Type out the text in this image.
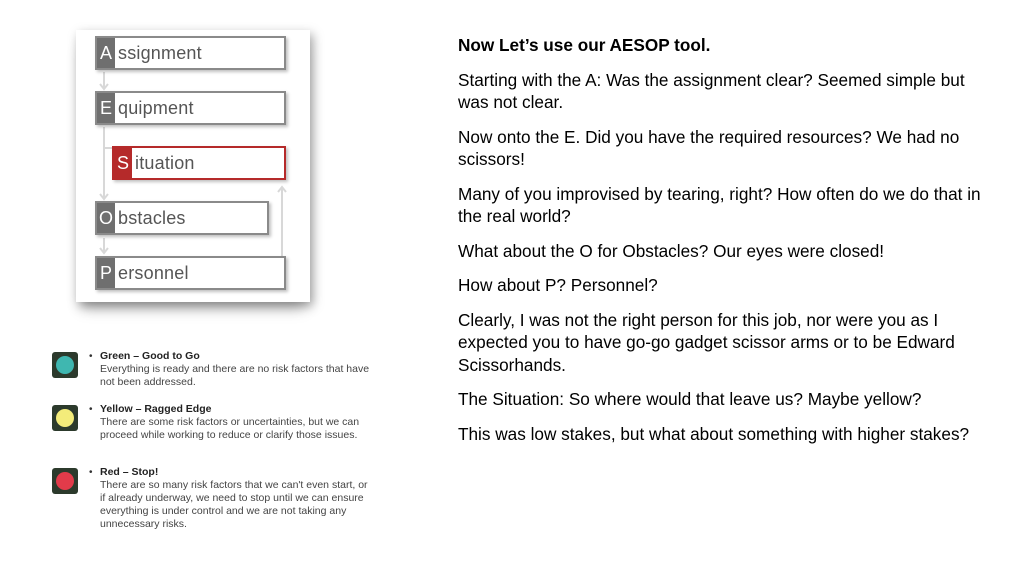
A ssignment
E quipment
S ituation
O bstacles
P ersonnel
• Green – Good to Go
Everything is ready and there are no risk factors that have not been addressed.
• Yellow – Ragged Edge
There are some risk factors or uncertainties, but we can proceed while working to reduce or clarify those issues.
• Red – Stop!
There are so many risk factors that we can't even start, or if already underway, we need to stop until we can ensure everything is under control and we are not taking any unnecessary risks.

Now Let’s use our AESOP tool.

Starting with the A: Was the assignment clear? Seemed simple but was not clear.

Now onto the E. Did you have the required resources? We had no scissors!

Many of you improvised by tearing, right? How often do we do that in the real world?

What about the O for Obstacles? Our eyes were closed!

How about P? Personnel?

Clearly, I was not the right person for this job, nor were you as I expected you to have go-go gadget scissor arms or to be Edward Scissorhands.

The Situation: So where would that leave us? Maybe yellow?

This was low stakes, but what about something with higher stakes?
